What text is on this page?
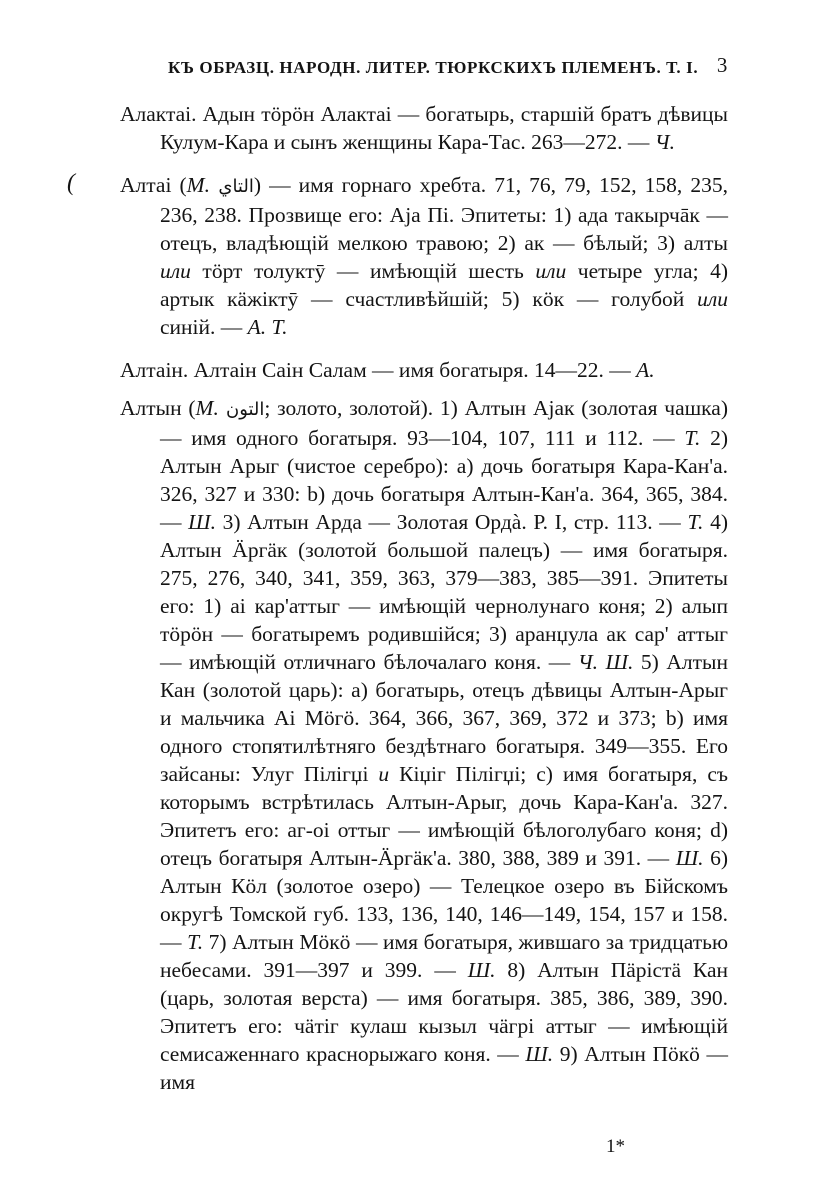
КЪ ОБРАЗЦ. НАРОДН. ЛИТЕР. ТЮРКСКИХЪ ПЛЕМЕНЪ. Т. I. 3

Алактаі. Адын тӧрӧн Алактаі — богатырь, старшій братъ дѣвицы Кулум-Кара и сынъ женщины Кара-Тас. 263—272. — Ч.

( Алтаі (М. ﺍﻟﺘﺎﻱ) — имя горнаго хребта. 71, 76, 79, 152, 158, 235, 236, 238. Прозвище его: Аја Пі. Эпитеты: 1) ада такырчāк — отецъ, владѣющій мелкою травою; 2) ак — бѣлый; 3) алты или тӧрт толуктӯ — имѣющій шесть или четыре угла; 4) артык кäжiктӯ — счастливѣйшій; 5) кӧк — голубой или синій. — А. Т.

Алтаін. Алтаін Саін Салам — имя богатыря. 14—22. — А.

Алтын (М. ﺍﻟﺘﻮﻥ; золото, золотой). 1) Алтын Ајак (золотая чашка) — имя одного богатыря. 93—104, 107, 111 и 112. — Т. 2) Алтын Арыг (чистое серебро): a) дочь богатыря Кара-Кан'а. 326, 327 и 330: b) дочь богатыря Алтын-Кан'а. 364, 365, 384. — Ш. 3) Алтын Арда — Золотая Ордà. Р. I, стр. 113. — Т. 4) Алтын Äргäк (золотой большой палецъ) — имя богатыря. 275, 276, 340, 341, 359, 363, 379—383, 385—391. Эпитеты его: 1) аі кар'аттыг — имѣющій чернолунаго коня; 2) алып тӧрӧн — богатыремъ родившійся; 3) аранџула ак сар' аттыг — имѣющій отличнаго бѣлочалаго коня. — Ч. Ш. 5) Алтын Кан (золотой царь): a) богатырь, отецъ дѣвицы Алтын-Арыг и мальчика Аі Мӧгӧ. 364, 366, 367, 369, 372 и 373; b) имя одного стопятилѣтняго бездѣтнаго богатыря. 349—355. Его зайсаны: Улуг Пiлiгџi и Кiџiг Пiлiгџi; c) имя богатыря, съ которымъ встрѣтилась Алтын-Арыг, дочь Кара-Кан'а. 327. Эпитетъ его: аг-оі оттыг — имѣющій бѣлоголубаго коня; d) отецъ богатыря Алтын-Äргäк'а. 380, 388, 389 и 391. — Ш. 6) Алтын Кӧл (золотое озеро) — Телецкое озеро въ Бійскомъ округѣ Томской губ. 133, 136, 140, 146—149, 154, 157 и 158. — Т. 7) Алтын Мӧкӧ — имя богатыря, жившаго за тридцатью небесами. 391—397 и 399. — Ш. 8) Алтын Пäрiстä Кан (царь, золотая верста) — имя богатыря. 385, 386, 389, 390. Эпитетъ его: чäтiг кулаш кызыл чäгрi аттыг — имѣющій семисаженнаго краснорыжаго коня. — Ш. 9) Алтын Пӧкӧ — имя

1*
